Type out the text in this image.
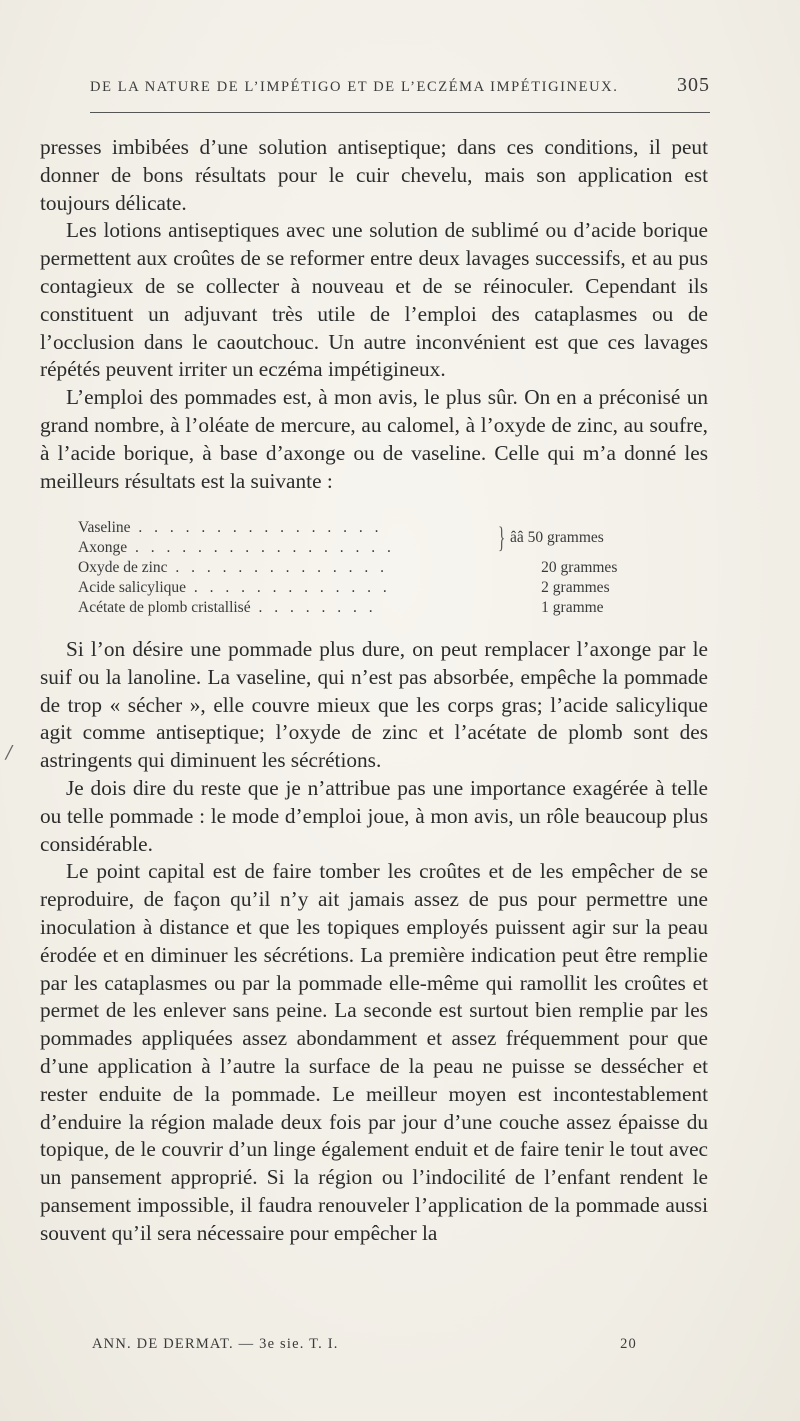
DE LA NATURE DE L’IMPÉTIGO ET DE L’ECZÉMA IMPÉTIGINEUX.	305

presses imbibées d’une solution antiseptique; dans ces conditions, il peut donner de bons résultats pour le cuir chevelu, mais son application est toujours délicate.

Les lotions antiseptiques avec une solution de sublimé ou d’acide borique permettent aux croûtes de se reformer entre deux lavages successifs, et au pus contagieux de se collecter à nouveau et de se réinoculer. Cependant ils constituent un adjuvant très utile de l’emploi des cataplasmes ou de l’occlusion dans le caoutchouc. Un autre inconvénient est que ces lavages répétés peuvent irriter un eczéma impétigineux.

L’emploi des pommades est, à mon avis, le plus sûr. On en a préconisé un grand nombre, à l’oléate de mercure, au calomel, à l’oxyde de zinc, au soufre, à l’acide borique, à base d’axonge ou de vaseline. Celle qui m’a donné les meilleurs résultats est la suivante :

Vaseline . . . . . . . . . . . . . . . .
Axonge . . . . . . . . . . . . . . . . .	} ââ 50 grammes
Oxyde de zinc . . . . . . . . . . . . . .	20 grammes
Acide salicylique . . . . . . . . . . . . .	2 grammes
Acétate de plomb cristallisé . . . . . . . .	1 gramme

Si l’on désire une pommade plus dure, on peut remplacer l’axonge par le suif ou la lanoline. La vaseline, qui n’est pas absorbée, empêche la pommade de trop « sécher », elle couvre mieux que les corps gras; l’acide salicylique agit comme antiseptique; l’oxyde de zinc et l’acétate de plomb sont des astringents qui diminuent les sécrétions.

Je dois dire du reste que je n’attribue pas une importance exagérée à telle ou telle pommade : le mode d’emploi joue, à mon avis, un rôle beaucoup plus considérable.

Le point capital est de faire tomber les croûtes et de les empêcher de se reproduire, de façon qu’il n’y ait jamais assez de pus pour permettre une inoculation à distance et que les topiques employés puissent agir sur la peau érodée et en diminuer les sécrétions. La première indication peut être remplie par les cataplasmes ou par la pommade elle-même qui ramollit les croûtes et permet de les enlever sans peine. La seconde est surtout bien remplie par les pommades appliquées assez abondamment et assez fréquemment pour que d’une application à l’autre la surface de la peau ne puisse se dessécher et rester enduite de la pommade. Le meilleur moyen est incontestablement d’enduire la région malade deux fois par jour d’une couche assez épaisse du topique, de le couvrir d’un linge également enduit et de faire tenir le tout avec un pansement approprié. Si la région ou l’indocilité de l’enfant rendent le pansement impossible, il faudra renouveler l’application de la pommade aussi souvent qu’il sera nécessaire pour empêcher la

/
ANN. DE DERMAT. — 3e sie. T. I.	20
